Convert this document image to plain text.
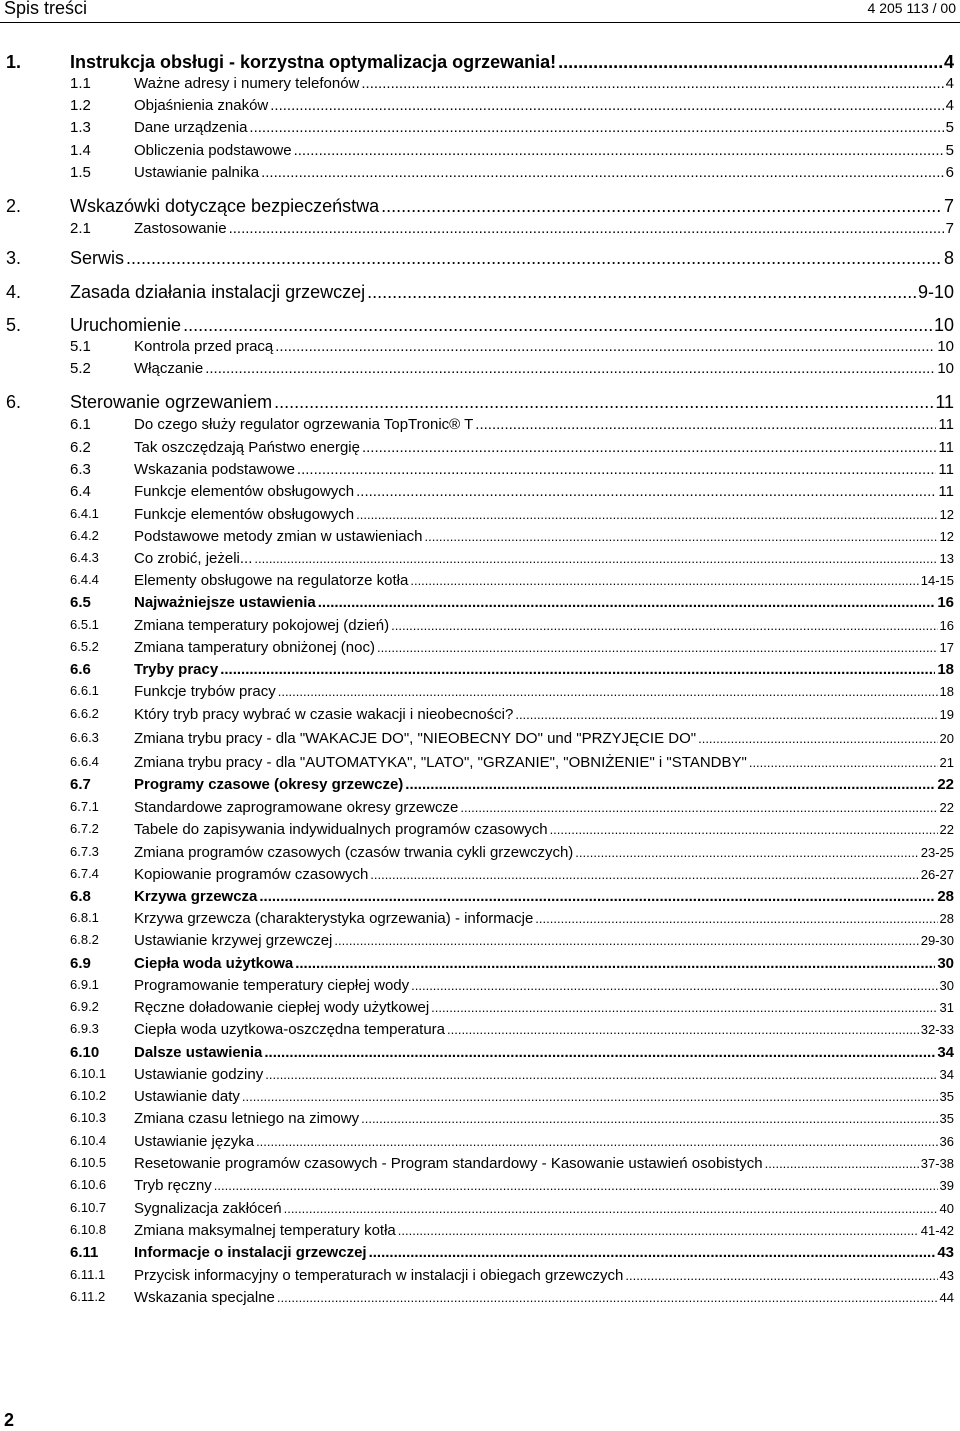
Spis treści	4 205 113 / 00
1.	Instrukcja obsługi - korzystna optymalizacja ogrzewania! .....	4
1.1	Ważne adresy i numery telefonów .....	4
1.2	Objaśnienia znaków .....	4
1.3	Dane urządzenia .....	5
1.4	Obliczenia podstawowe .....	5
1.5	Ustawianie palnika .....	6
2.	Wskazówki dotyczące bezpieczeństwa .....	7
2.1	Zastosowanie .....	7
3.	Serwis .....	8
4.	Zasada działania instalacji grzewczej .....	9-10
5.	Uruchomienie .....	10
5.1	Kontrola przed pracą .....	10
5.2	Włączanie .....	10
6.	Sterowanie ogrzewaniem .....	11
6.1	Do czego służy regulator ogrzewania TopTronic® T .....	11
6.2	Tak oszczędzają Państwo energię .....	11
6.3	Wskazania podstawowe .....	11
6.4	Funkcje elementów obsługowych .....	11
6.4.1 Funkcje elementów obsługowych .....	12
6.4.2 Podstawowe metody zmian w ustawieniach .....	12
6.4.3 Co zrobić, jeżeli... .....	13
6.4.4 Elementy obsługowe na regulatorze kotła .....	14-15
6.5	Najważniejsze ustawienia .....	16
6.5.1 Zmiana temperatury pokojowej (dzień) .....	16
6.5.2 Zmiana tamperatury obniżonej (noc) .....	17
6.6	Tryby pracy .....	18
6.6.1 Funkcje trybów pracy .....	18
6.6.2 Który tryb pracy wybrać w czasie wakacji i nieobecności? .....	19
6.6.3 Zmiana trybu pracy - dla "WAKACJE DO", "NIEOBECNY DO" und "PRZYJĘCIE DO" .....	20
6.6.4 Zmiana trybu pracy - dla "AUTOMATYKA", "LATO", "GRZANIE", "OBNIŻENIE" i "STANDBY" .....	21
6.7	Programy czasowe (okresy grzewcze) .....	22
6.7.1 Standardowe zaprogramowane okresy grzewcze .....	22
6.7.2 Tabele do zapisywania indywidualnych programów czasowych .....	22
6.7.3 Zmiana programów czasowych (czasów trwania cykli grzewczych) .....	23-25
6.7.4 Kopiowanie programów czasowych .....	26-27
6.8	Krzywa grzewcza .....	28
6.8.1 Krzywa grzewcza (charakterystyka ogrzewania) - informacje .....	28
6.8.2 Ustawianie krzywej grzewczej .....	29-30
6.9	Ciepła woda użytkowa .....	30
6.9.1 Programowanie temperatury ciepłej wody .....	30
6.9.2 Ręczne doładowanie ciepłej wody użytkowej .....	31
6.9.3 Ciepła woda uzytkowa-oszczędna temperatura .....	32-33
6.10 Dalsze ustawienia .....	34
6.10.1 Ustawianie godziny .....	34
6.10.2 Ustawianie daty .....	35
6.10.3 Zmiana czasu letniego na zimowy .....	35
6.10.4 Ustawianie języka .....	36
6.10.5 Resetowanie programów czasowych - Program standardowy - Kasowanie ustawień osobistych .....	37-38
6.10.6 Tryb ręczny .....	39
6.10.7 Sygnalizacja zakłóceń .....	40
6.10.8 Zmiana maksymalnej temperatury kotła .....	41-42
6.11 Informacje o instalacji grzewczej .....	43
6.11.1 Przycisk informacyjny o temperaturach w instalacji i obiegach grzewczych .....	43
6.11.2 Wskazania specjalne .....	44
2
